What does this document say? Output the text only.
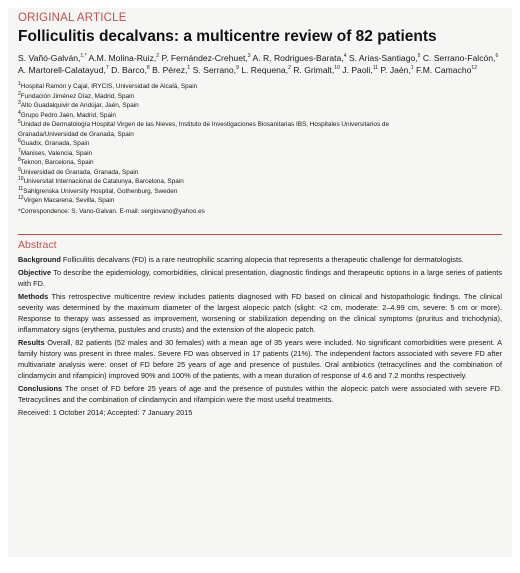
ORIGINAL ARTICLE
Folliculitis decalvans: a multicentre review of 82 patients
S. Vañó-Galván,$^{1,*}$ A.M. Molina-Ruiz,$^2$ P. Fernández-Crehuet,$^3$ A. R. Rodrigues-Barata,$^4$ S. Arias-Santiago,$^5$ C. Serrano-Falcón,$^6$ A. Martorell-Calatayud,$^7$ D. Barco,$^8$ B. Pérez,$^1$ S. Serrano,$^9$ L. Requena,$^2$ R. Grimalt,$^{10}$ J. Paoli,$^{11}$ P. Jaén,$^1$ F.M. Camacho$^{12}$
$^1$Hospital Ramón y Cajal, IRYCIS, Universidad de Alcalá, Spain
$^2$Fundación Jiménez Díaz, Madrid, Spain
$^3$Alto Guadalquivir de Andújar, Jaén, Spain
$^4$Grupo Pedro Jaén, Madrid, Spain
$^5$Unidad de Dermatología Hospital Virgen de las Nieves, Instituto de Investigaciones Biosanitarias IBS, Hospitales Universitarios de
Granada/Universidad de Granada, Spain
$^6$Guadix, Granada, Spain
$^7$Manises, Valencia, Spain
$^8$Teknon, Barcelona, Spain
$^9$Universidad de Granada, Granada, Spain
$^{10}$Universitat Internacional de Catalunya, Barcelona, Spain
$^{11}$Sahlgrenska University Hospital, Gothenburg, Sweden
$^{12}$Virgen Macarena, Sevilla, Spain
*Correspondence: S. Vano-Galvan. E-mail: sergiovano@yahoo.es
Abstract
Background Folliculitis decalvans (FD) is a rare neutrophilic scarring alopecia that represents a therapeutic challenge for dermatologists.
Objective To describe the epidemiology, comorbidities, clinical presentation, diagnostic findings and therapeutic options in a large series of patients with FD.
Methods This retrospective multicentre review includes patients diagnosed with FD based on clinical and histopathologic findings. The clinical severity was determined by the maximum diameter of the largest alopecic patch (slight: <2 cm, moderate: 2–4.99 cm, severe: 5 cm or more). Response to therapy was assessed as improvement, worsening or stabilization depending on the clinical symptoms (pruritus and trichodynia), inflammatory signs (erythema, pustules and crusts) and the extension of the alopecic patch.
Results Overall, 82 patients (52 males and 30 females) with a mean age of 35 years were included. No significant comorbidities were present. A family history was present in three males. Severe FD was observed in 17 patients (21%). The independent factors associated with severe FD after multivariate analysis were: onset of FD before 25 years of age and presence of pustules. Oral antibiotics (tetracyclines and the combination of clindamycin and rifampicin) improved 90% and 100% of the patients, with a mean duration of response of 4.6 and 7.2 months respectively.
Conclusions The onset of FD before 25 years of age and the presence of pustules within the alopecic patch were associated with severe FD. Tetracyclines and the combination of clindamycin and rifampicin were the most useful treatments.
Received: 1 October 2014; Accepted: 7 January 2015
